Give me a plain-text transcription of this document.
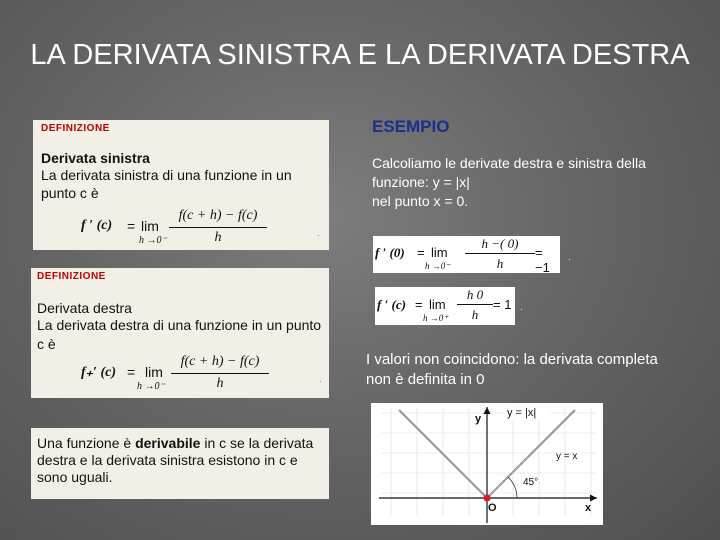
LA DERIVATA SINISTRA E LA DERIVATA DESTRA
DEFINIZIONE
Derivata sinistra
La derivata sinistra di una funzione in un punto c è
f ′ (c) = lim
h →0⁻
f(c + h) − f(c)
h	.
DEFINIZIONE
Derivata destra
La derivata destra di una funzione in un punto c è
f₊′ (c) = lim
h →0⁻
f(c + h) − f(c)
h	.
Una funzione è derivabile in c se la derivata destra e la derivata sinistra esistono in c e sono uguali.
ESEMPIO
Calcoliamo le derivate destra e sinistra della funzione: y = |x|
nel punto x = 0.
f ′ (0) = lim
h →0⁻
h −( 0)
h
= −1
.
f ′ (c) = lim
h →0⁺
h 0
h
= 1 .
I valori non coincidono: la derivata completa non è definita in 0
y = |x|
y = x
45°
O	x
y
